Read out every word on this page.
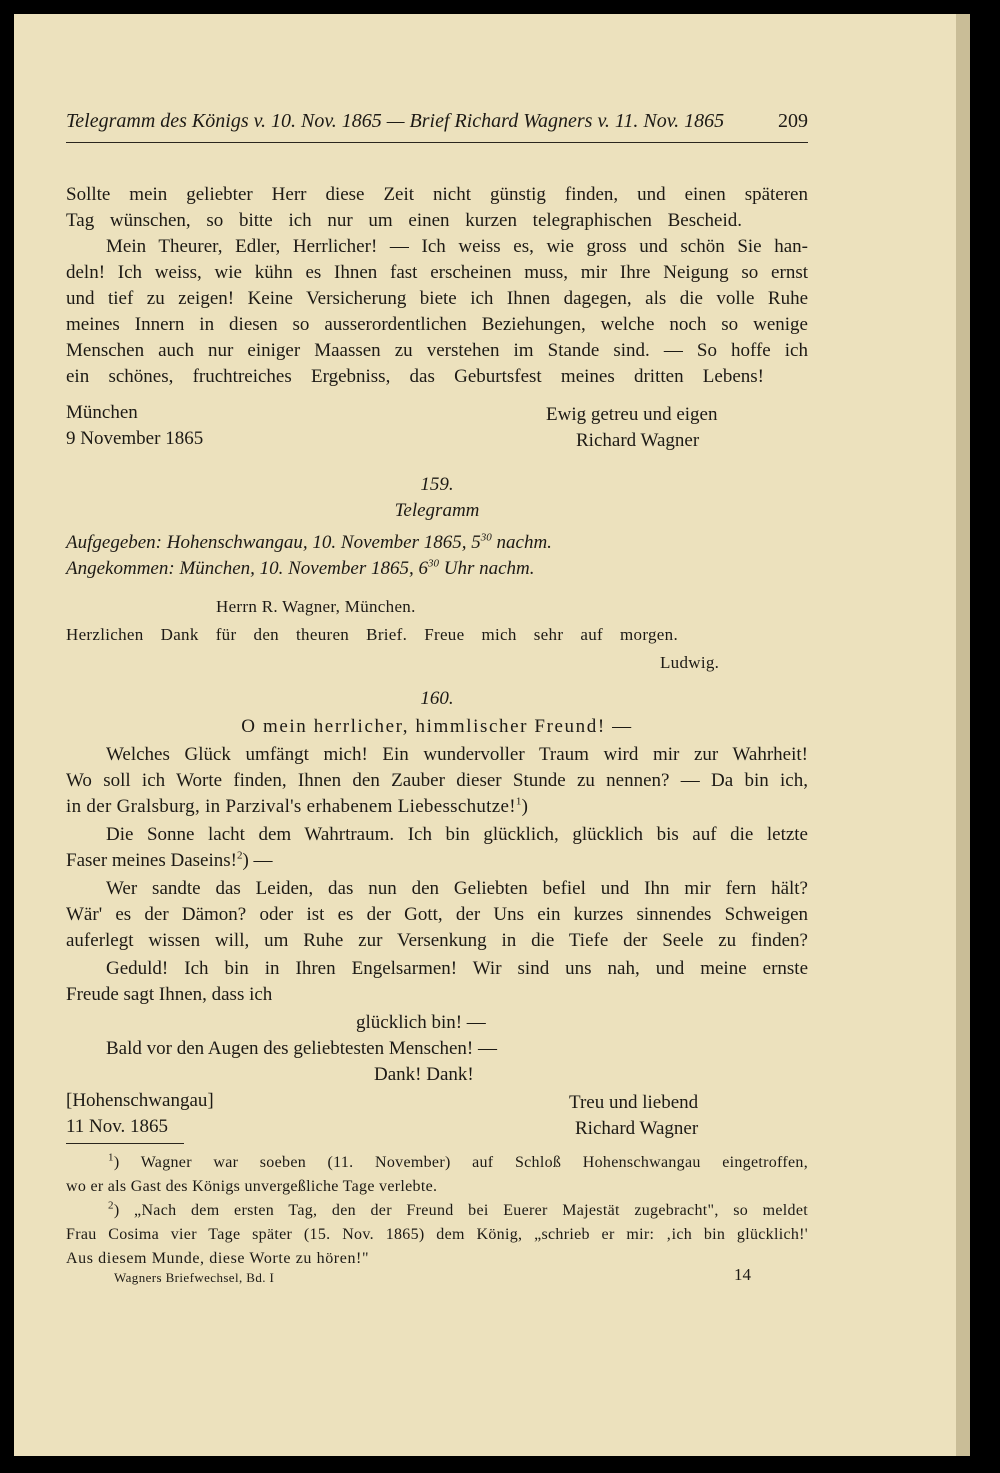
Telegramm des Königs v. 10. Nov. 1865 — Brief Richard Wagners v. 11. Nov. 1865	209
Sollte mein geliebter Herr diese Zeit nicht günstig finden, und einen späteren
Tag wünschen, so bitte ich nur um einen kurzen telegraphischen Bescheid.
Mein Theurer, Edler, Herrlicher! — Ich weiss es, wie gross und schön Sie han-
deln! Ich weiss, wie kühn es Ihnen fast erscheinen muss, mir Ihre Neigung so ernst
und tief zu zeigen! Keine Versicherung biete ich Ihnen dagegen, als die volle Ruhe
meines Innern in diesen so ausserordentlichen Beziehungen, welche noch so wenige
Menschen auch nur einiger Maassen zu verstehen im Stande sind. — So hoffe ich
ein schönes, fruchtreiches Ergebniss, das Geburtsfest meines dritten Lebens!
München
9 November 1865
Ewig getreu und eigen
Richard Wagner
159.
Telegramm
Aufgegeben: Hohenschwangau, 10. November 1865, $5^{30}$ nachm.
Angekommen: München, 10. November 1865, $6^{30}$ Uhr nachm.
Herrn R. Wagner, München.
Herzlichen Dank für den theuren Brief. Freue mich sehr auf morgen.
Ludwig.
160.
O mein herrlicher, himmlischer Freund! —
Welches Glück umfängt mich! Ein wundervoller Traum wird mir zur Wahrheit!
Wo soll ich Worte finden, Ihnen den Zauber dieser Stunde zu nennen? — Da bin ich,
in der Gralsburg, in Parzival's erhabenem Liebesschutze!$^1$)
Die Sonne lacht dem Wahrtraum. Ich bin glücklich, glücklich bis auf die letzte
Faser meines Daseins!$^2$) —
Wer sandte das Leiden, das nun den Geliebten befiel und Ihn mir fern hält?
Wär' es der Dämon? oder ist es der Gott, der Uns ein kurzes sinnendes Schweigen
auferlegt wissen will, um Ruhe zur Versenkung in die Tiefe der Seele zu finden?
Geduld! Ich bin in Ihren Engelsarmen! Wir sind uns nah, und meine ernste
Freude sagt Ihnen, dass ich
glücklich bin! —
Bald vor den Augen des geliebtesten Menschen! —
Dank! Dank!
[Hohenschwangau]
11 Nov. 1865
Treu und liebend
Richard Wagner
$^1$) Wagner war soeben (11. November) auf Schloß Hohenschwangau eingetroffen,
wo er als Gast des Königs unvergeßliche Tage verlebte.
$^2$) „Nach dem ersten Tag, den der Freund bei Euerer Majestät zugebracht", so meldet
Frau Cosima vier Tage später (15. Nov. 1865) dem König, „schrieb er mir: ‚ich bin glücklich!'
Aus diesem Munde, diese Worte zu hören!"
Wagners Briefwechsel, Bd. I	14
